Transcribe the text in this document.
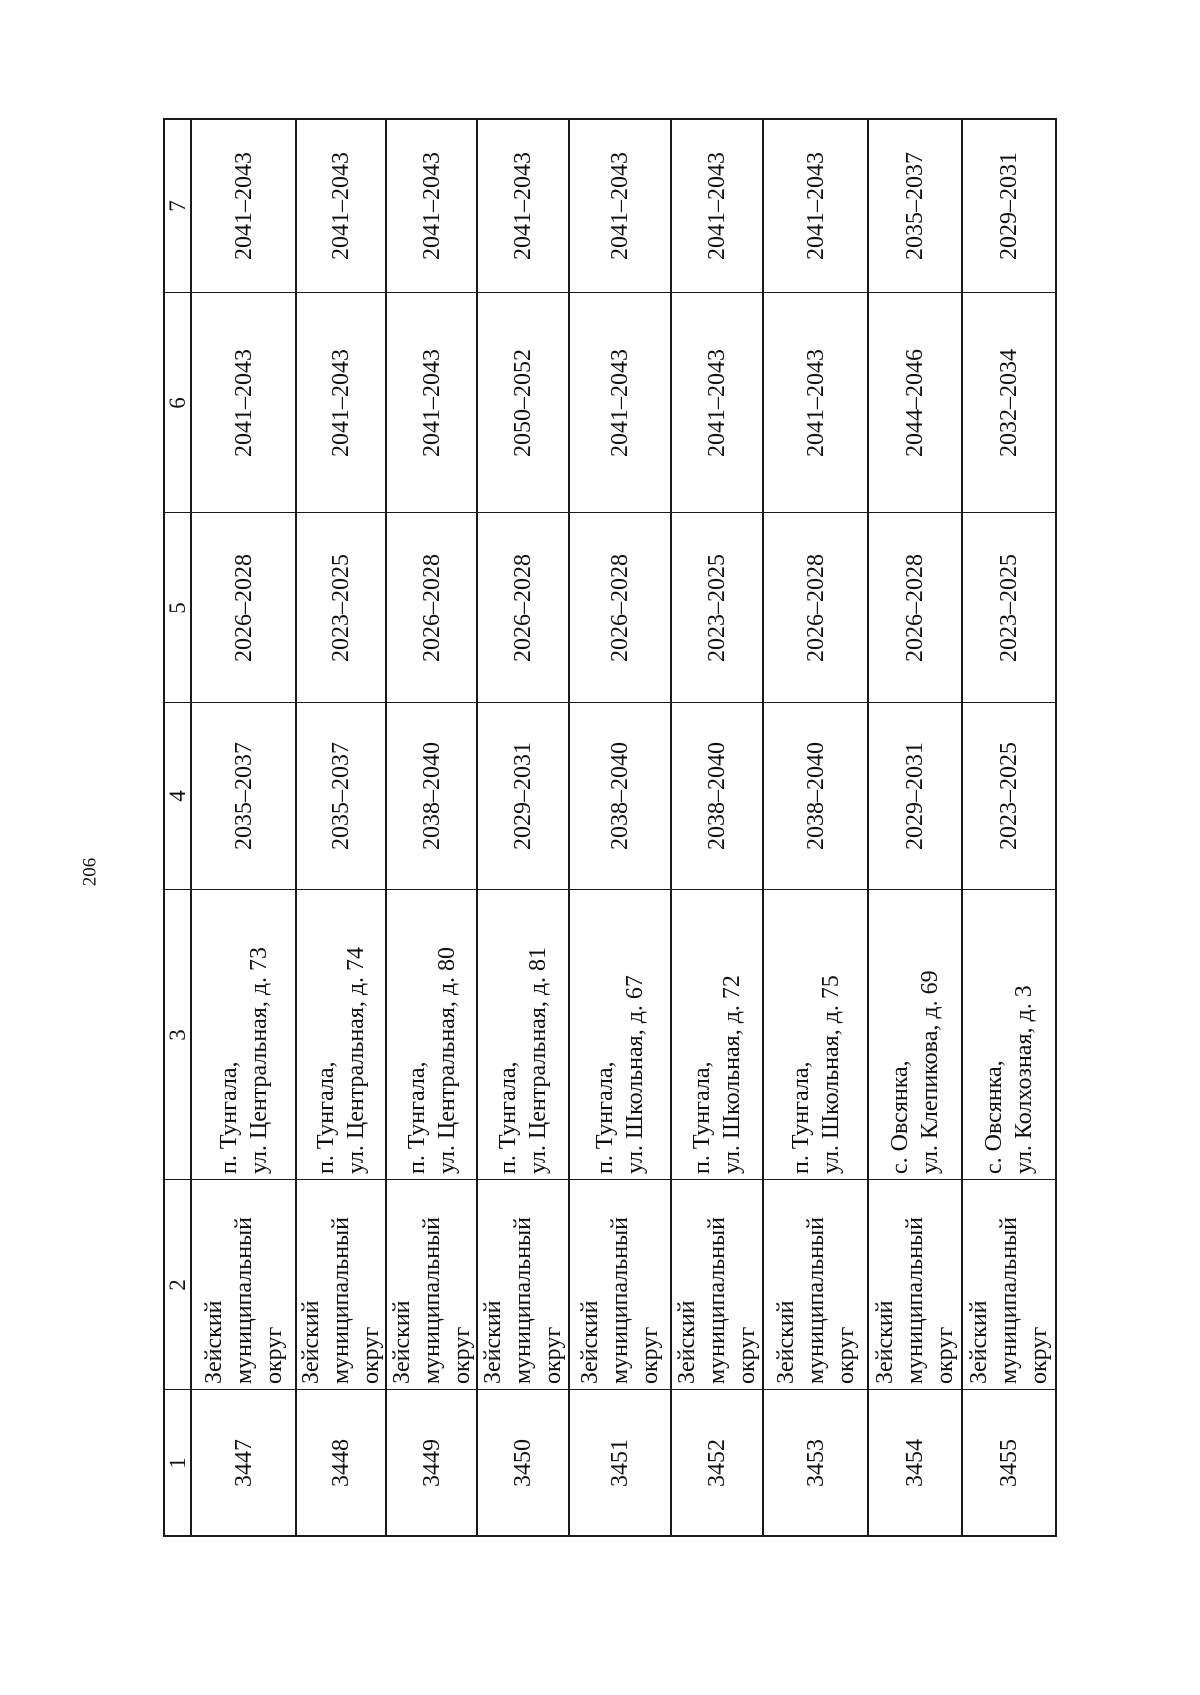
206
7
6
5
4
3
2
1
2041–2043
2041–2043
2026–2028
2035–2037
п. Тунгала, ул. Центральная, д. 73
Зейский муниципальный округ
3447
2041–2043
2041–2043
2023–2025
2035–2037
п. Тунгала, ул. Центральная, д. 74
Зейский муниципальный округ
3448
2041–2043
2041–2043
2026–2028
2038–2040
п. Тунгала, ул. Центральная, д. 80
Зейский муниципальный округ
3449
2041–2043
2050–2052
2026–2028
2029–2031
п. Тунгала, ул. Центральная, д. 81
Зейский муниципальный округ
3450
2041–2043
2041–2043
2026–2028
2038–2040
п. Тунгала, ул. Школьная, д. 67
Зейский муниципальный округ
3451
2041–2043
2041–2043
2023–2025
2038–2040
п. Тунгала, ул. Школьная, д. 72
Зейский муниципальный округ
3452
2041–2043
2041–2043
2026–2028
2038–2040
п. Тунгала, ул. Школьная, д. 75
Зейский муниципальный округ
3453
2035–2037
2044–2046
2026–2028
2029–2031
с. Овсянка, ул. Клепикова, д. 69
Зейский муниципальный округ
3454
2029–2031
2032–2034
2023–2025
2023–2025
с. Овсянка, ул. Колхозная, д. 3
Зейский муниципальный округ
3455
